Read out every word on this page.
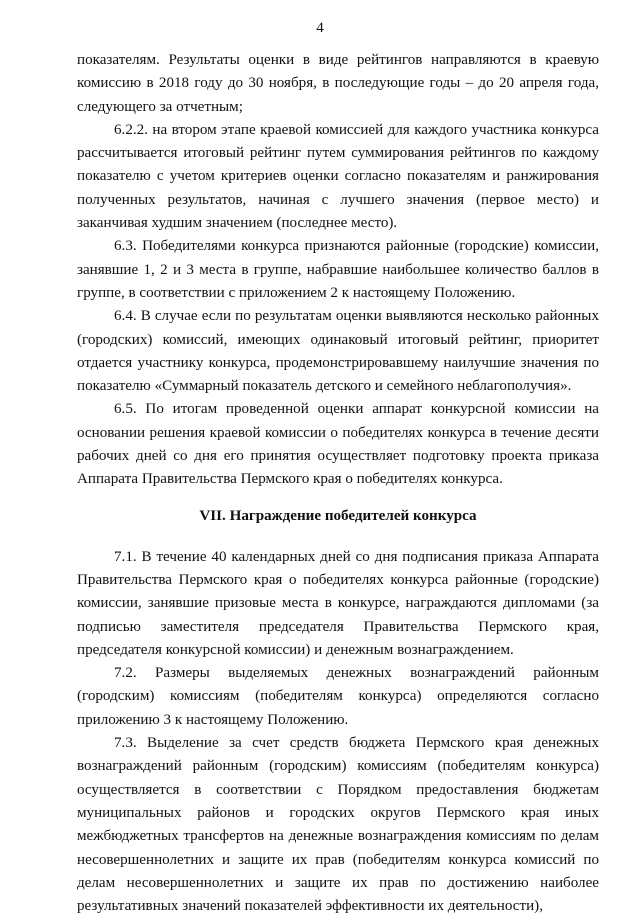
4

показателям. Результаты оценки в виде рейтингов направляются в краевую комиссию в 2018 году до 30 ноября, в последующие годы – до 20 апреля года, следующего за отчетным;

6.2.2. на втором этапе краевой комиссией для каждого участника конкурса рассчитывается итоговый рейтинг путем суммирования рейтингов по каждому показателю с учетом критериев оценки согласно показателям и ранжирования полученных результатов, начиная с лучшего значения (первое место) и заканчивая худшим значением (последнее место).

6.3. Победителями конкурса признаются районные (городские) комиссии, занявшие 1, 2 и 3 места в группе, набравшие наибольшее количество баллов в группе, в соответствии с приложением 2 к настоящему Положению.

6.4. В случае если по результатам оценки выявляются несколько районных (городских) комиссий, имеющих одинаковый итоговый рейтинг, приоритет отдается участнику конкурса, продемонстрировавшему наилучшие значения по показателю «Суммарный показатель детского и семейного неблагополучия».

6.5. По итогам проведенной оценки аппарат конкурсной комиссии на основании решения краевой комиссии о победителях конкурса в течение десяти рабочих дней со дня его принятия осуществляет подготовку проекта приказа Аппарата Правительства Пермского края о победителях конкурса.

VII. Награждение победителей конкурса

7.1. В течение 40 календарных дней со дня подписания приказа Аппарата Правительства Пермского края о победителях конкурса районные (городские) комиссии, занявшие призовые места в конкурсе, награждаются дипломами (за подписью заместителя председателя Правительства Пермского края, председателя конкурсной комиссии) и денежным вознаграждением.

7.2. Размеры выделяемых денежных вознаграждений районным (городским) комиссиям (победителям конкурса) определяются согласно приложению 3 к настоящему Положению.

7.3. Выделение за счет средств бюджета Пермского края денежных вознаграждений районным (городским) комиссиям (победителям конкурса) осуществляется в соответствии с Порядком предоставления бюджетам муниципальных районов и городских округов Пермского края иных межбюджетных трансфертов на денежные вознаграждения комиссиям по делам несовершеннолетних и защите их прав (победителям конкурса комиссий по делам несовершеннолетних и защите их прав по достижению наиболее результативных значений показателей эффективности их деятельности),
